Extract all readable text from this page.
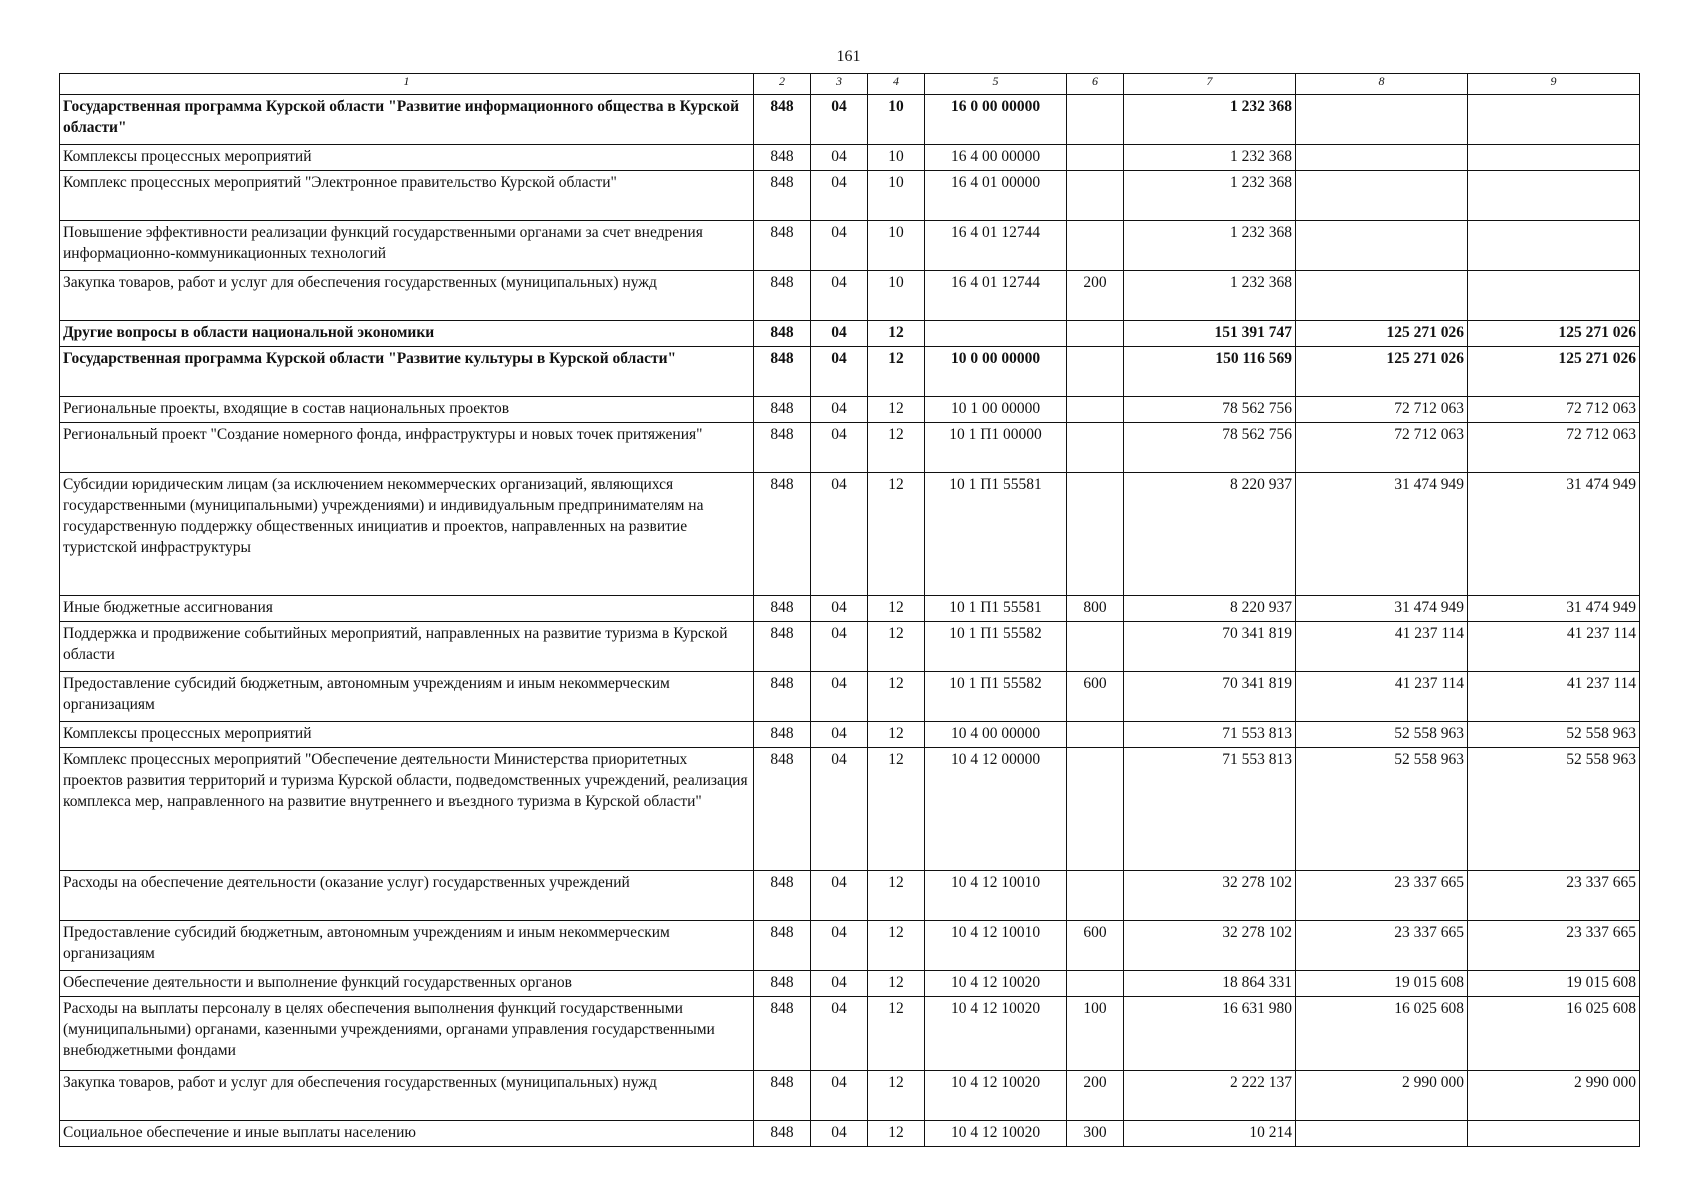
161
1	2	3	4	5	6	7	8	9
Государственная программа Курской области "Развитие информационного общества в Курской области"	848	04	10	16 0 00 00000		1 232 368		
Комплексы процессных мероприятий	848	04	10	16 4 00 00000		1 232 368		
Комплекс процессных мероприятий "Электронное правительство Курской области"	848	04	10	16 4 01 00000		1 232 368		
Повышение эффективности реализации функций государственными органами за счет внедрения информационно-коммуникационных технологий	848	04	10	16 4 01 12744		1 232 368		
Закупка товаров, работ и услуг для обеспечения государственных (муниципальных) нужд	848	04	10	16 4 01 12744	200	1 232 368		
Другие вопросы в области национальной экономики	848	04	12			151 391 747	125 271 026	125 271 026
Государственная программа Курской области "Развитие культуры в Курской области"	848	04	12	10 0 00 00000		150 116 569	125 271 026	125 271 026
Региональные проекты, входящие в состав национальных проектов	848	04	12	10 1 00 00000		78 562 756	72 712 063	72 712 063
Региональный проект "Создание номерного фонда, инфраструктуры и новых точек притяжения"	848	04	12	10 1 П1 00000		78 562 756	72 712 063	72 712 063
Субсидии юридическим лицам (за исключением некоммерческих организаций, являющихся государственными (муниципальными) учреждениями) и индивидуальным предпринимателям на государственную поддержку общественных инициатив и проектов, направленных на развитие туристской инфраструктуры	848	04	12	10 1 П1 55581		8 220 937	31 474 949	31 474 949
Иные бюджетные ассигнования	848	04	12	10 1 П1 55581	800	8 220 937	31 474 949	31 474 949
Поддержка и продвижение событийных мероприятий, направленных на развитие туризма в Курской области	848	04	12	10 1 П1 55582		70 341 819	41 237 114	41 237 114
Предоставление субсидий бюджетным, автономным учреждениям и иным некоммерческим организациям	848	04	12	10 1 П1 55582	600	70 341 819	41 237 114	41 237 114
Комплексы процессных мероприятий	848	04	12	10 4 00 00000		71 553 813	52 558 963	52 558 963
Комплекс процессных мероприятий "Обеспечение деятельности Министерства приоритетных проектов развития территорий и туризма Курской области, подведомственных учреждений, реализация комплекса мер, направленного на развитие внутреннего и въездного туризма в Курской области"	848	04	12	10 4 12 00000		71 553 813	52 558 963	52 558 963
Расходы на обеспечение деятельности (оказание услуг) государственных учреждений	848	04	12	10 4 12 10010		32 278 102	23 337 665	23 337 665
Предоставление субсидий бюджетным, автономным учреждениям и иным некоммерческим организациям	848	04	12	10 4 12 10010	600	32 278 102	23 337 665	23 337 665
Обеспечение деятельности и выполнение функций государственных органов	848	04	12	10 4 12 10020		18 864 331	19 015 608	19 015 608
Расходы на выплаты персоналу в целях обеспечения выполнения функций государственными (муниципальными) органами, казенными учреждениями, органами управления государственными внебюджетными фондами	848	04	12	10 4 12 10020	100	16 631 980	16 025 608	16 025 608
Закупка товаров, работ и услуг для обеспечения государственных (муниципальных) нужд	848	04	12	10 4 12 10020	200	2 222 137	2 990 000	2 990 000
Социальное обеспечение и иные выплаты населению	848	04	12	10 4 12 10020	300	10 214		
